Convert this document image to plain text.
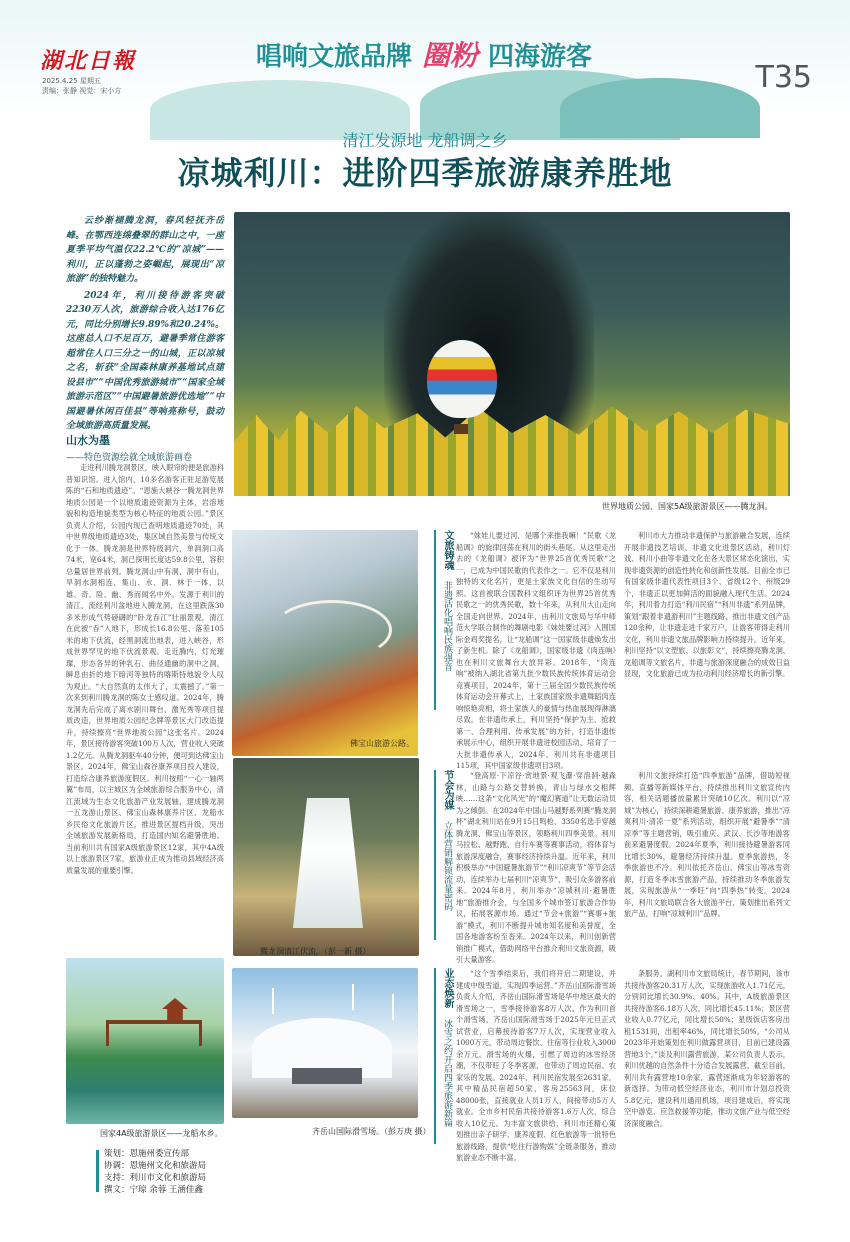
湖北日報
2025.4.25 星期五
责编：张静 视觉：宋小方
唱响文旅品牌 圈粉 四海游客
T35
清江发源地 龙船调之乡
凉城利川：进阶四季旅游康养胜地

云纱渐褪腾龙洞，春风轻抚齐岳峰。在鄂西连绵叠翠的群山之中，一座夏季平均气温仅22.2℃的“凉城”——利川，正以蓬勃之姿崛起，展现出“凉旅游”的独特魅力。

2024年，利川接待游客突破2230万人次，旅游综合收入达176亿元，同比分别增长9.89%和20.24%。这座总人口不足百万，避暑季常住游客超常住人口三分之一的山城，正以凉城之名，斩获“全国森林康养基地试点建设县市”“中国优秀旅游城市”“国家全域旅游示范区”“中国避暑旅游优选地”“中国避暑休闲百佳县”等响亮称号，鼓动全域旅游高质量发展。

世界地质公园、国家5A级旅游景区——腾龙洞。
山水为墨
——特色资源绘就全域旅游画卷

走进利川腾龙洞景区，映入眼帘的便是旅游科普知识馆。进入馆内，10多名游客正驻足游览展陈的“石和地质遗迹”。“恩施大峡谷一腾龙洞世界地质公园是一个以地质遗迹资源为主体，岩溶地貌和构造地貌类型为核心特征的地质公园。”景区负责人介绍，公园内现已查明地质遗迹70处，其中世界级地质遗迹3处，集区域自然美景与传统文化于一体。腾龙洞是世界特级洞穴，单洞洞口高74米，宽64米，洞已探明长度达59.8公里，容积总量居世界前列。腾龙洞山中有洞，洞中有山，旱洞水洞相连，集山、水、洞、林于一体，以雄、奇、险、幽、秀而闻名中外。发源于利川的清江，流经利川盆地进入腾龙洞，在这里跌落30多米形成气势磅礴的“卧龙吞江”壮丽景观，清江在此被“吞”入地下，形成长16.8公里、落差105米的地下伏流，经黑洞流出地表，进入峡谷，形成世界罕见的地下伏流景观。走近腾内，灯光璀璨，形态各异的钟乳石、曲径通幽的洞中之洞，瞬息由折的地下暗河等独特的喀斯特地貌令人叹为观止。“大自然真的太伟大了，太震撼了。”第一次来到利川腾龙洞的陈女士感叹道。2024年，腾龙洞先后完成了离水剧川舞台、激光秀等项目提质改造，世界地质公园纪念牌等景区大门改造提升，持续擦亮“世界地质公园”这张名片。2024年，景区接待游客突破100万人次，营业收入突破1.2亿元。从腾龙洞驱车40分钟，便可到达佛宝山景区。2024年，佛宝山森谷康养项目投入建设，打造综合康养旅游度假区。利川按照“一心一轴两翼”布局，以主城区为全域旅游综合服务中心，清江流域为生态文化旅游产业发展轴，建成腾龙洞一五龙游山景区、佛宝山森林康养片区、龙船水乡民俗文化旅游片区，推进景区提档升级，突出全域旅游发展新格局，打造国内知名避暑胜地。当前利川共有国家A级旅游景区12家，其中4A级以上旅游景区7家，旅游业正成为推动县域经济高质量发展的重要引擎。

佛宝山旅游公路。
腾龙洞清江伏流。（彭一新 摄）
国家4A级旅游景区——龙船水乡。	齐岳山国际滑雪场。（彭万庚 摄）
文旅铸魂 非遗活化唱响民族强音

“妹娃儿要过河，是哪个来推我嘛！”民歌《龙船调》的旋律回荡在利川的街头巷尾。从这里走出去的《龙船调》被评为“世界25首优秀民歌”之一，已成为中国民歌的代表作之一。它不仅是利川独特的文化名片，更是土家族文化自信的生动写照。这首被联合国教科文组织评为世界25首优秀民歌之一的优秀民歌，数十年来，从利川大山走向全国走向世界。2024年，由利川文旅局与华中师范大学联合制作的舞剧电影《妹娃要过河》入围国际金鸡奖提名，让“龙船调”这一国家级非遗焕发出了新生机。除了《龙船调》，国家级非遗《肉连响》也在利川文旅舞台大放异彩。2018年，“肉连响”被纳入湖北省第九批少数民族传统体育运动会竞赛项目，2024年，第十三届全国少数民族传统体育运动会开幕式上，土家族国家级非遗舞蹈肉连响惊艳亮相，将土家族人的豪情与热血展现得淋漓尽致。在非遗传承上，利川坚持“保护为主、抢救第一、合理利用、传承发展”的方针，打造非遗传承展示中心，组织开展非遗进校园活动，培育了一大批非遗传承人，2024年，利川共有非遗项目115项，其中国家级非遗项目3项。

利川市大力推动非遗保护与旅游融合发展，连续开展非遗技艺培训、非遗文化进景区活动，利川灯戏、利川小曲等非遗文化在各大景区常态化演出，实现非遗资源的创造性转化和创新性发展。目前全市已有国家级非遗代表性项目3个、省级12个、州级29个，非遗正以更加鲜活的面貌融入现代生活。2024年，利川着力打造“利川民宿”“利川非遗”系列品牌，策划“跟着非遗游利川”主题线路，推出非遗文创产品120余种，让非遗走进千家万户，让游客带得走利川文化，利川非遗文旅品牌影响力持续提升。近年来，利川坚持“以文塑旅、以旅彰文”，持续擦亮腾龙洞、龙船调等文旅名片，非遗与旅游深度融合的成效日益显现，文化旅游已成为拉动利川经济增长的新引擎。

节会为媒 立体营销解锁流量密码

“登高原·下凉谷·赏地景·观飞瀑·穿溶洞·越森林，山路与公路交替转换，青山与绿水交相辉映……这条“文化风光”的“魔幻赛道”让无数运动员为之倾倒。在2024年中国山马越野系列赛“腾龙洞杯”湖北利川站在9月15日鸣枪，3350名选手穿越腾龙洞、佛宝山等景区，领略利川四季美景。利川马拉松、越野跑、自行车赛等赛事活动，将体育与旅游深度融合，赛事经济持续升温。近年来，利川积极举办“中国避暑旅游节”“利川凉爽节”等节会活动，连续举办七届利川“凉爽节”，吸引众多游客前来。2024年8月，利川举办“凉城利川·避暑胜地”旅游推介会，与全国多个城市签订旅游合作协议，拓展客源市场。通过“节会+旅游”“赛事+旅游”模式，利川不断提升城市知名度和美誉度，全国各地游客纷至沓来。2024年以来，利川创新营销推广模式，借助网络平台推介利川文旅资源，吸引大量游客。

利川文旅持续打造“四季旅游”品牌，借助短视频、直播等新媒体平台，持续推出利川文旅宣传内容，相关话题播放量累计突破10亿次。利川以“凉城”为核心，持续深耕避暑旅游、康养旅游，推出“凉爽利川·清凉一夏”系列活动，组织开展“避暑季”“清凉季”等主题营销，吸引重庆、武汉、长沙等地游客前来避暑度假。2024年夏季，利川接待避暑游客同比增长30%，避暑经济持续升温。夏季旅游热，冬季旅游也不冷。利川依托齐岳山、佛宝山等冰雪资源，打造冬季冰雪旅游产品，持续推动冬季旅游发展，实现旅游从“一季旺”向“四季热”转变。2024年，利川文旅局联合各大旅游平台，策划推出系列文旅产品，打响“凉城利川”品牌。

业态焕新 冰雪之约开启四季旅游新篇

“这个雪季结束后，我们将开启二期建设，并建成中级雪道，实现四季运营。”齐岳山国际滑雪场负责人介绍，齐岳山国际滑雪场是华中地区最大的滑雪场之一，雪季接待游客8万人次。作为利川首个滑雪场，齐岳山国际滑雪场于2025年元旦正式试营业，启幕接待游客7万人次，实现营业收入1000万元，带动周边餐饮、住宿等行业收入3000余万元。滑雪场的火爆，引燃了周边的冰雪经济潮，不仅带旺了冬季客源，也带动了周边民宿、农家乐的发展。2024年，利川民宿发展至2631家，其中精品民宿超50家，客房25563间，床位48000张，直接就业人员1万人，间接带动5万人就业。全市乡村民宿共接待游客1.6万人次，综合收入10亿元。为丰富文旅供给，利川市还精心策划推出亲子研学、康养度假、红色旅游等一批特色旅游线路，提供“吃住行游购娱”全链条服务，推动旅游业态不断丰富。

条服务。湖利川市文旅局统计，春节期间，该市共接待游客20.31万人次，实现旅游收入1.71亿元，分别同比增长30.9%、40%。其中，A级旅游景区共接待游客6.18万人次，同比增长45.11%；景区营业收入0.77亿元，同比增长50%；星级饭店客房出租1531间，出租率46%，同比增长50%。“公司从2023年开始策划在利川做露营项目，目前已建设露营地3个。”谈及利川露营旅游，某公司负责人表示，利川优越的自然条件十分适合发展露营。截至目前，利川共有露营地10余家，露营逐渐成为年轻游客的新选择。为带动低空经济业态，利川市计划总投资5.8亿元，建设利川通用机场，项目建成后，将实现空中游览、应急救援等功能，推动文旅产业与低空经济深度融合。

策划：恩施州委宣传部
协调：恩施州文化和旅游局
支持：利川市文化和旅游局
撰文：宁琼 余蓉 王涵佳鑫
